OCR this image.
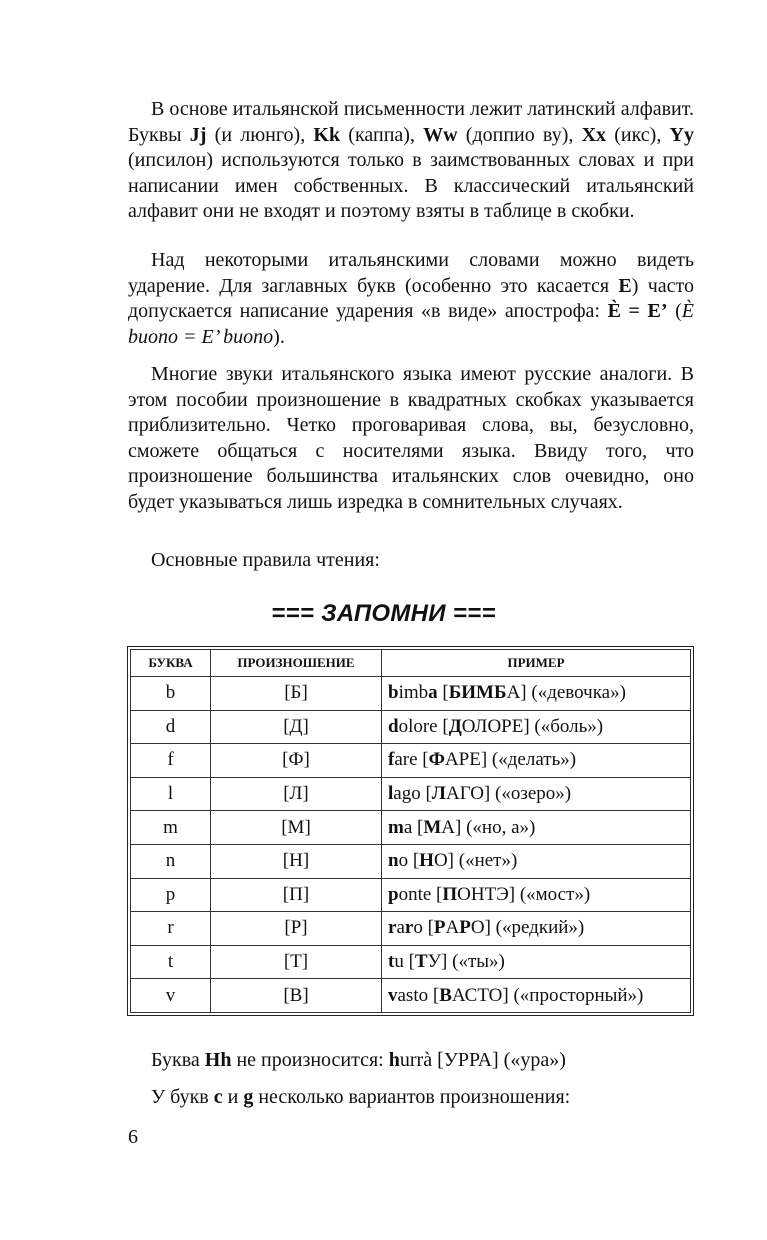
В основе итальянской письменности лежит латинский алфавит. Буквы Jj (и люнго), Kk (каппа), Ww (доппио ву), Xx (икс), Yy (ипсилон) используются только в заимствованных словах и при написании имен собственных. В классический итальянский алфавит они не входят и поэтому взяты в таблице в скобки.

Над некоторыми итальянскими словами можно видеть ударение. Для заглавных букв (особенно это касается E) часто допускается написание ударения «в виде» апострофа: È = E’ (È buono = E’ buono).

Многие звуки итальянского языка имеют русские аналоги. В этом пособии произношение в квадратных скобках указывается приблизительно. Четко проговаривая слова, вы, безусловно, сможете общаться с носителями языка. Ввиду того, что произношение большинства итальянских слов очевидно, оно будет указываться лишь изредка в сомнительных случаях.

Основные правила чтения:
=== ЗАПОМНИ ===
БУКВА	ПРОИЗНОШЕНИЕ	ПРИМЕР
b	[Б]	bimba [БИМБА] («девочка»)
d	[Д]	dolore [ДОЛОРЕ] («боль»)
f	[Ф]	fare [ФАРЕ] («делать»)
l	[Л]	lago [ЛАГО] («озеро»)
m	[М]	ma [МА] («но, а»)
n	[Н]	no [НО] («нет»)
p	[П]	ponte [ПОНТЭ] («мост»)
r	[Р]	raro [РАРО] («редкий»)
t	[Т]	tu [ТУ] («ты»)
v	[В]	vasto [ВАСТО] («просторный»)
Буква Hh не произносится: hurrà [УРРА] («ура»)
У букв c и g несколько вариантов произношения:
6
